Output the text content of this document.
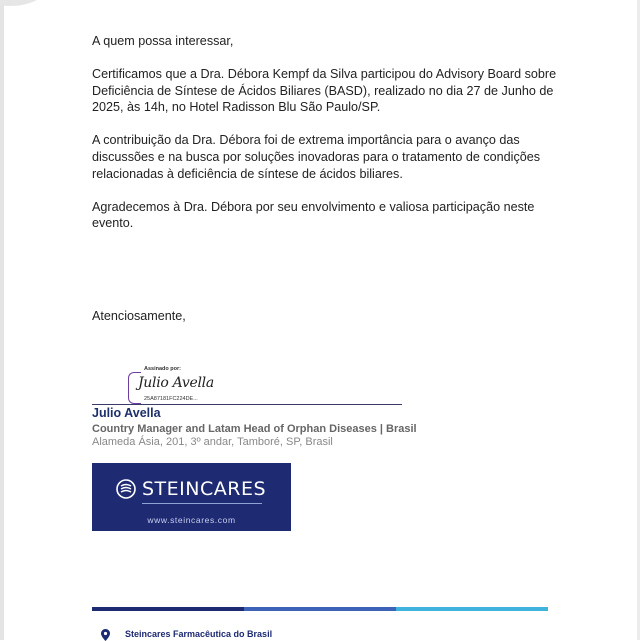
A quem possa interessar,

Certificamos que a Dra. Débora Kempf da Silva participou do Advisory Board sobre Deficiência de Síntese de Ácidos Biliares (BASD), realizado no dia 27 de Junho de 2025, às 14h, no Hotel Radisson Blu São Paulo/SP.

A contribuição da Dra. Débora foi de extrema importância para o avanço das discussões e na busca por soluções inovadoras para o tratamento de condições relacionadas à deficiência de síntese de ácidos biliares.

Agradecemos à Dra. Débora por seu envolvimento e valiosa participação neste evento.

Atenciosamente,
Assinado por:
Julio Avella
25A87181FC224DE...
Julio Avella
Country Manager and Latam Head of Orphan Diseases | Brasil
Alameda Ásia, 201, 3º andar, Tamboré, SP, Brasil
STEINCARES
www.steincares.com
Steincares Farmacêutica do Brasil
